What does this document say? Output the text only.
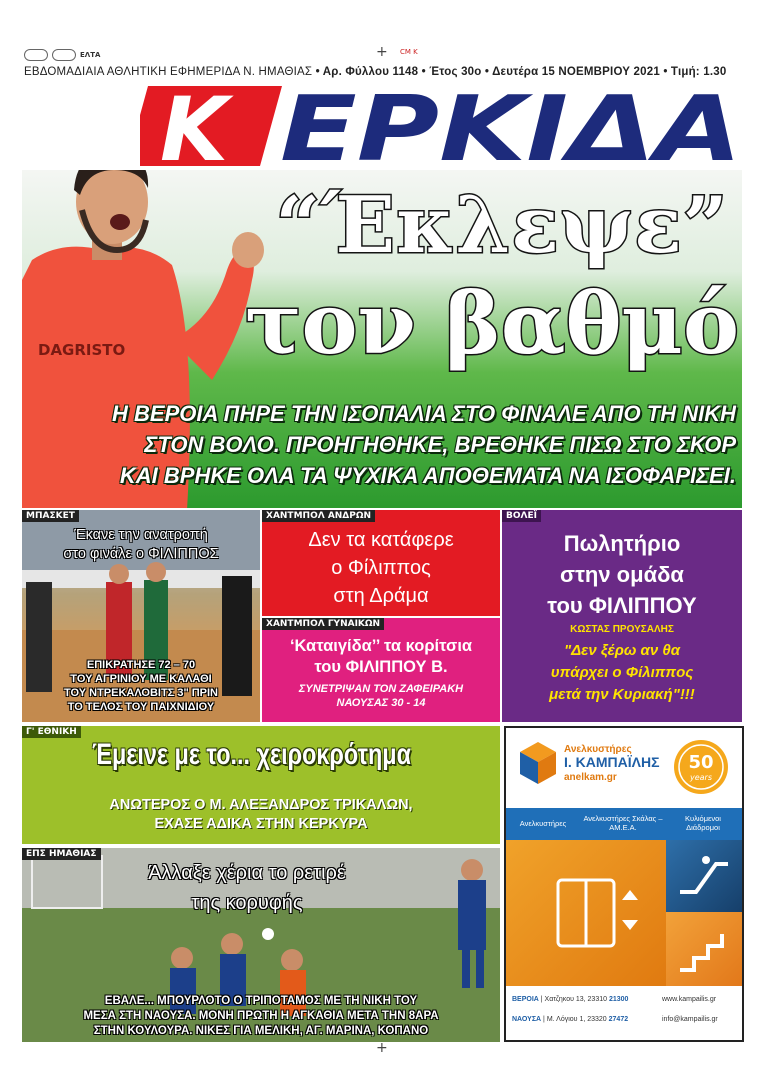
ΕΛΤΑ	+ CM K
ΕΒΔΟΜΑΔΙΑΙΑ ΑΘΛΗΤΙΚΗ ΕΦΗΜΕΡΙΔΑ Ν. ΗΜΑΘΙΑΣ • Αρ. Φύλλου 1148 • Έτος 30ο • Δευτέρα 15 ΝΟΕΜΒΡΙΟΥ 2021 • Τιμή: 1.30
Κ ΕΡΚΙΔΑ
DAGRISTO
“Έκλεψε”
τον βαθμό
Η ΒΕΡΟΙΑ ΠΗΡΕ ΤΗΝ ΙΣΟΠΑΛΙΑ ΣΤΟ ΦΙΝΑΛΕ ΑΠΟ ΤΗ ΝΙΚΗ
ΣΤΟΝ ΒΟΛΟ. ΠΡΟΗΓΗΘΗΚΕ, ΒΡΕΘΗΚΕ ΠΙΣΩ ΣΤΟ ΣΚΟΡ
ΚΑΙ ΒΡΗΚΕ ΟΛΑ ΤΑ ΨΥΧΙΚΑ ΑΠΟΘΕΜΑΤΑ ΝΑ ΙΣΟΦΑΡΙΣΕΙ.
ΜΠΑΣΚΕΤ
Έκανε την ανατροπή
στο φινάλε ο ΦΙΛΙΠΠΟΣ
ΕΠΙΚΡΑΤΗΣΕ 72 – 70
ΤΟΥ ΑΓΡΙΝΙΟΥ ΜΕ ΚΑΛΑΘΙ
ΤΟΥ ΝΤΡΕΚΑΛΟΒΙΤΣ 3" ΠΡΙΝ
ΤΟ ΤΕΛΟΣ ΤΟΥ ΠΑΙΧΝΙΔΙΟΥ
ΧΑΝΤΜΠΟΛ ΑΝΔΡΩΝ
Δεν τα κατάφερε
ο Φίλιππος
στη Δράμα
ΧΑΝΤΜΠΟΛ ΓΥΝΑΙΚΩΝ
‘Καταιγίδα’’ τα κορίτσια
του ΦΙΛΙΠΠΟΥ Β.
ΣΥΝΕΤΡΙΨΑΝ ΤΟΝ ΖΑΦΕΙΡΑΚΗ
ΝΑΟΥΣΑΣ 30 - 14
ΒΟΛΕΪ
Πωλητήριο
στην ομάδα
του ΦΙΛΙΠΠΟΥ
ΚΩΣΤΑΣ ΠΡΟΥΣΑΛΗΣ
"Δεν ξέρω αν θα
υπάρχει ο Φίλιππος
μετά την Κυριακή"!!!
Γ' ΕΘΝΙΚΗ
Έμεινε με το... χειροκρότημα
ΑΝΩΤΕΡΟΣ Ο Μ. ΑΛΕΞΑΝΔΡΟΣ ΤΡΙΚΑΛΩΝ,
ΕΧΑΣΕ ΑΔΙΚΑ ΣΤΗΝ ΚΕΡΚΥΡΑ
ΕΠΣ ΗΜΑΘΙΑΣ
Άλλαξε χέρια το ρετιρέ
της κορυφής
ΕΒΑΛΕ... ΜΠΟΥΡΛΟΤΟ Ο ΤΡΙΠΟΤΑΜΟΣ ΜΕ ΤΗ ΝΙΚΗ ΤΟΥ
ΜΕΣΑ ΣΤΗ ΝΑΟΥΣΑ. ΜΟΝΗ ΠΡΩΤΗ Η ΑΓΚΑΘΙΑ ΜΕΤΑ ΤΗΝ 8ΑΡΑ
ΣΤΗΝ ΚΟΥΛΟΥΡΑ. ΝΙΚΕΣ ΓΙΑ ΜΕΛΙΚΗ, ΑΓ. ΜΑΡΙΝΑ, ΚΟΠΑΝΟ
Ανελκυστήρες
Ι. ΚΑΜΠΑΪΛΗΣ
anelkam.gr
50
years
Ανελκυστήρες
Ανελκυστήρες Σκάλας – ΑΜ.Ε.Α.
Κυλιόμενοι Διάδρομοι
ΒΕΡΟΙΑ | Χατζηκου 13, 23310 21300
ΝΑΟΥΣΑ | Μ. Λόγιου 1, 23320 27472
www.kampailis.gr
info@kampailis.gr
+
